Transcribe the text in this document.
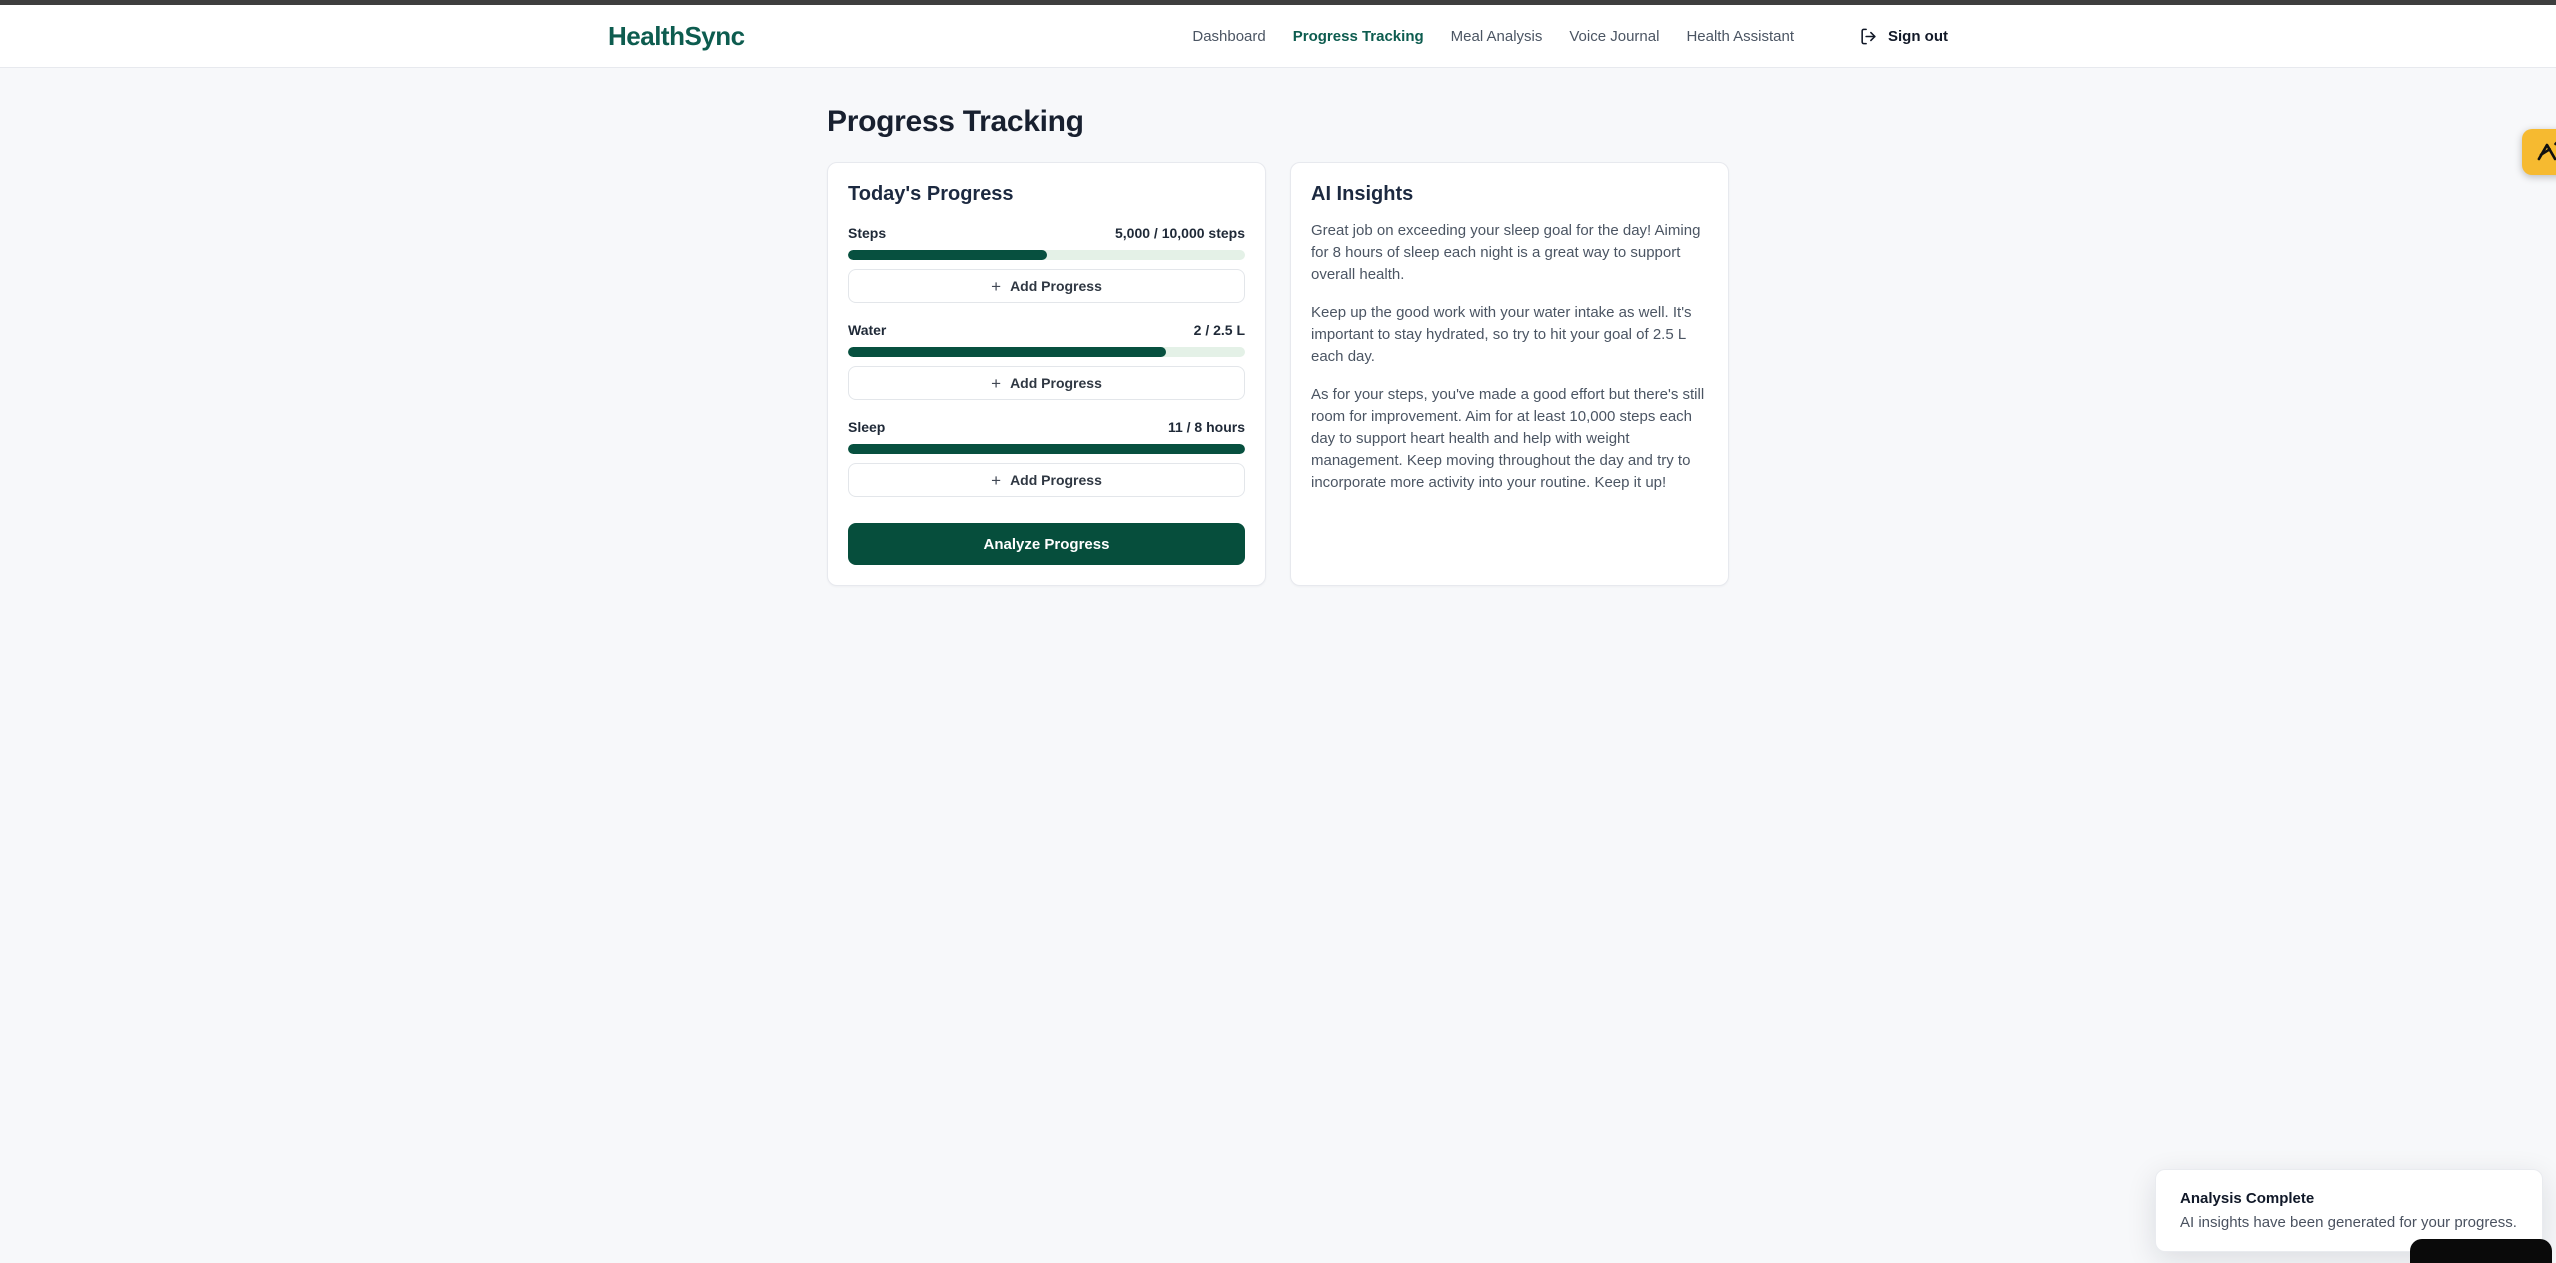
HealthSync	Dashboard Progress Tracking Meal Analysis Voice Journal Health Assistant	Sign out
Progress Tracking
Today's Progress
Steps	5,000 / 10,000 steps
+ Add Progress
Water	2 / 2.5 L
+ Add Progress
Sleep	11 / 8 hours
+ Add Progress
Analyze Progress
AI Insights

Great job on exceeding your sleep goal for the day! Aiming for 8 hours of sleep each night is a great way to support overall health.

Keep up the good work with your water intake as well. It's important to stay hydrated, so try to hit your goal of 2.5 L each day.

As for your steps, you've made a good effort but there's still room for improvement. Aim for at least 10,000 steps each day to support heart health and help with weight management. Keep moving throughout the day and try to incorporate more activity into your routine. Keep it up!

Analysis Complete
AI insights have been generated for your progress.
